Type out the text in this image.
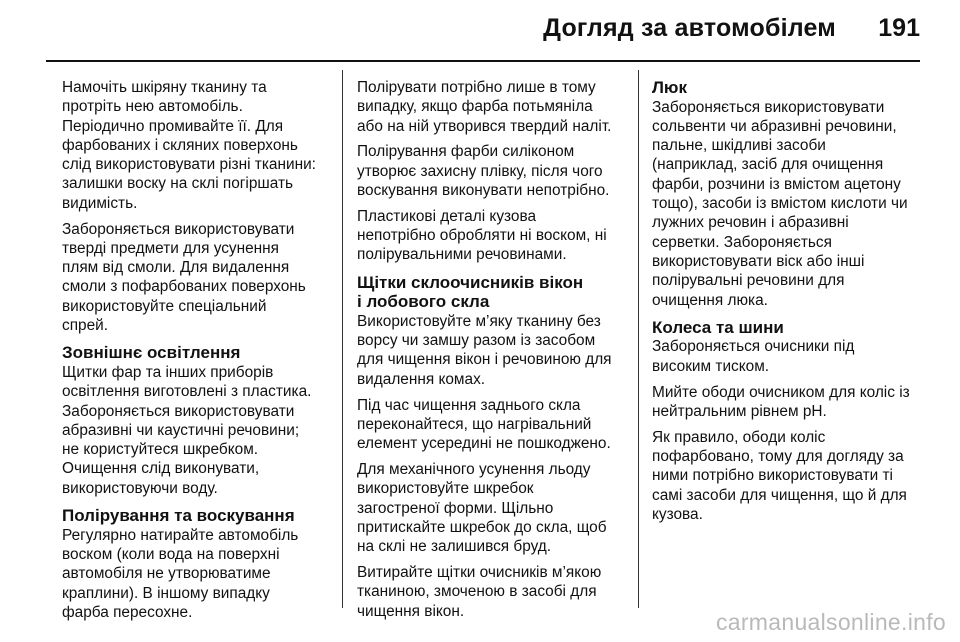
Догляд за автомобілем 191

Намочіть шкіряну тканину та
протріть нею автомобіль.
Періодично промивайте її. Для
фарбованих і скляних поверхонь
слід використовувати різні тканини:
залишки воску на склі погіршать
видимість.

Забороняється використовувати
тверді предмети для усунення
плям від смоли. Для видалення
смоли з пофарбованих поверхонь
використовуйте спеціальний
спрей.

Зовнішнє освітлення

Щитки фар та інших приборів
освітлення виготовлені з пластика.
Забороняється використовувати
абразивні чи каустичні речовини;
не користуйтеся шкребком.
Очищення слід виконувати,
використовуючи воду.

Полірування та воскування

Регулярно натирайте автомобіль
воском (коли вода на поверхні
автомобіля не утворюватиме
краплини). В іншому випадку
фарба пересохне.

Полірувати потрібно лише в тому
випадку, якщо фарба потьмяніла
або на ній утворився твердий наліт.

Полірування фарби силіконом
утворює захисну плівку, після чого
воскування виконувати непотрібно.

Пластикові деталі кузова
непотрібно обробляти ні воском, ні
полірувальними речовинами.

Щітки склоочисників вікон
і лобового скла

Використовуйте м’яку тканину без
ворсу чи замшу разом із засобом
для чищення вікон і речовиною для
видалення комах.

Під час чищення заднього скла
переконайтеся, що нагрівальний
елемент усередині не пошкоджено.

Для механічного усунення льоду
використовуйте шкребок
загостреної форми. Щільно
притискайте шкребок до скла, щоб
на склі не залишився бруд.

Витирайте щітки очисників м’якою
тканиною, змоченою в засобі для
чищення вікон.

Люк

Забороняється використовувати
сольвенти чи абразивні речовини,
пальне, шкідливі засоби
(наприклад, засіб для очищення
фарби, розчини із вмістом ацетону
тощо), засоби із вмістом кислоти чи
лужних речовин і абразивні
серветки. Забороняється
використовувати віск або інші
полірувальні речовини для
очищення люка.

Колеса та шини

Забороняється очисники під
високим тиском.

Мийте ободи очисником для коліс із
нейтральним рівнем pH.

Як правило, ободи коліс
пофарбовано, тому для догляду за
ними потрібно використовувати ті
самі засоби для чищення, що й для
кузова.

carmanualsonline.info
